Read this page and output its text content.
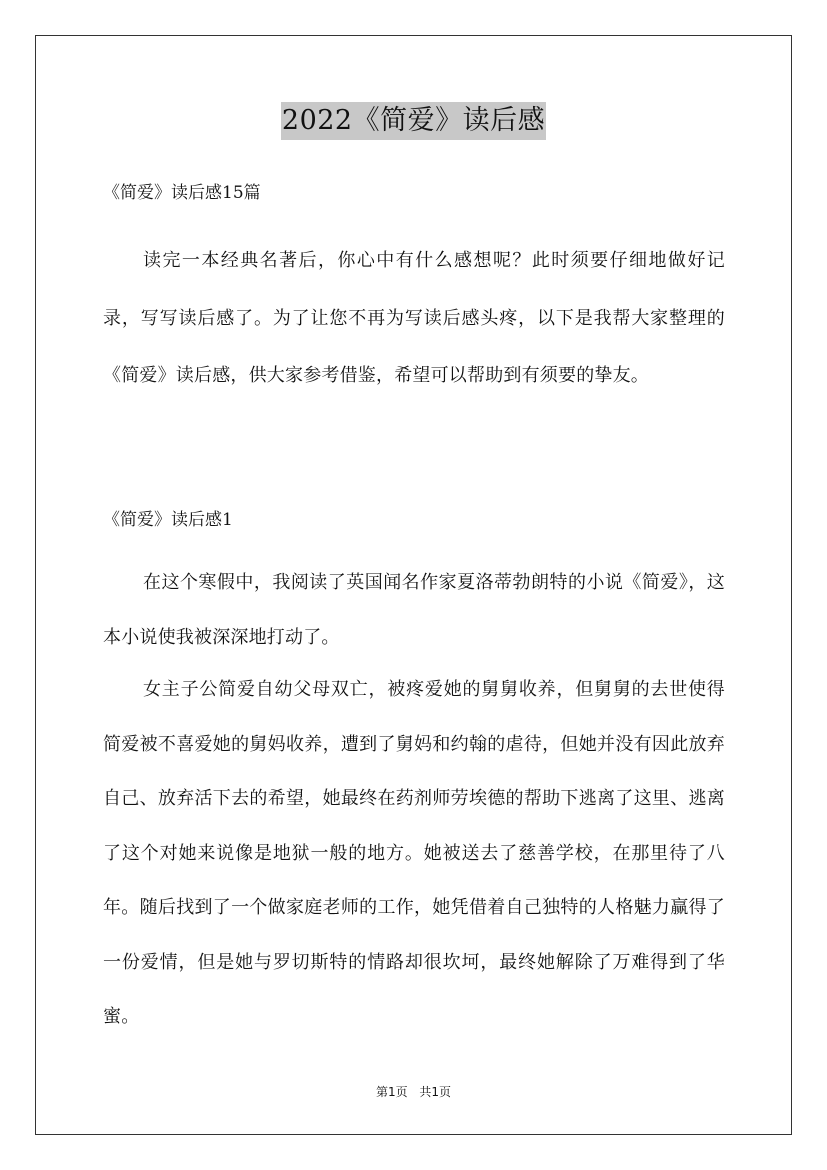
2022《简爱》读后感
《简爱》读后感15篇

读完一本经典名著后，你心中有什么感想呢？此时须要仔细地做好记录，写写读后感了。为了让您不再为写读后感头疼，以下是我帮大家整理的《简爱》读后感，供大家参考借鉴，希望可以帮助到有须要的挚友。

《简爱》读后感1

在这个寒假中，我阅读了英国闻名作家夏洛蒂勃朗特的小说《简爱》，这本小说使我被深深地打动了。

女主子公简爱自幼父母双亡，被疼爱她的舅舅收养，但舅舅的去世使得简爱被不喜爱她的舅妈收养，遭到了舅妈和约翰的虐待，但她并没有因此放弃自己、放弃活下去的希望，她最终在药剂师劳埃德的帮助下逃离了这里、逃离了这个对她来说像是地狱一般的地方。她被送去了慈善学校，在那里待了八年。随后找到了一个做家庭老师的工作，她凭借着自己独特的人格魅力赢得了一份爱情，但是她与罗切斯特的情路却很坎坷，最终她解除了万难得到了华蜜。

第1页 共1页
